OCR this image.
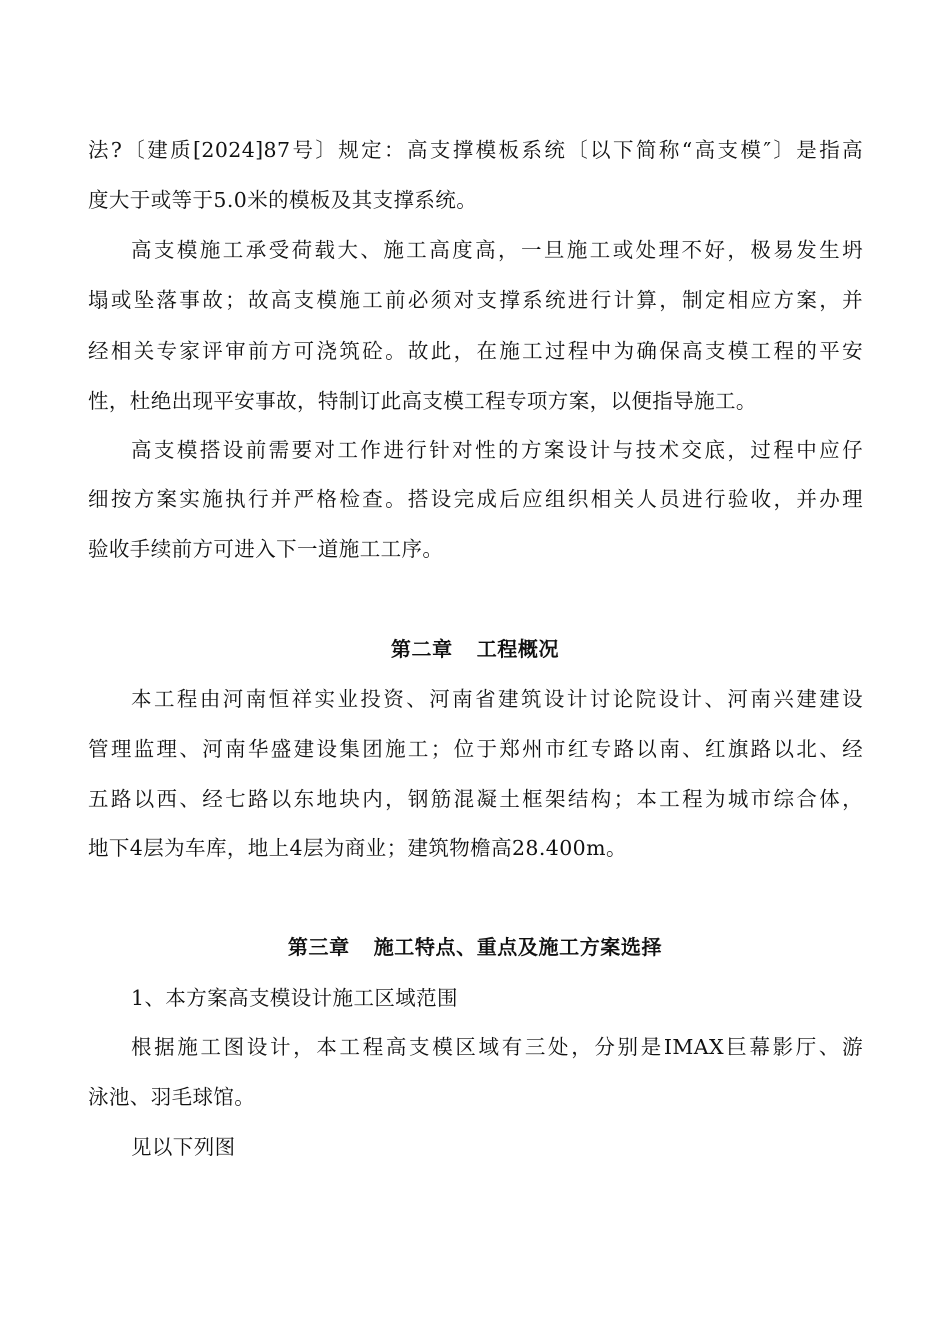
法?〔建质[2024]87号〕规定：高支撑模板系统〔以下简称“高支模″〕是指高
度大于或等于5.0米的模板及其支撑系统。
高支模施工承受荷载大、施工高度高，一旦施工或处理不好，极易发生坍
塌或坠落事故；故高支模施工前必须对支撑系统进行计算，制定相应方案，并
经相关专家评审前方可浇筑砼。故此，在施工过程中为确保高支模工程的平安
性，杜绝出现平安事故，特制订此高支模工程专项方案，以便指导施工。
高支模搭设前需要对工作进行针对性的方案设计与技术交底，过程中应仔
细按方案实施执行并严格检查。搭设完成后应组织相关人员进行验收，并办理
验收手续前方可进入下一道施工工序。
第二章 工程概况
本工程由河南恒祥实业投资、河南省建筑设计讨论院设计、河南兴建建设
管理监理、河南华盛建设集团施工；位于郑州市红专路以南、红旗路以北、经
五路以西、经七路以东地块内，钢筋混凝土框架结构；本工程为城市综合体，
地下4层为车库，地上4层为商业；建筑物檐高28.400m。
第三章 施工特点、重点及施工方案选择
1、本方案高支模设计施工区域范围
根据施工图设计，本工程高支模区域有三处，分别是IMAX巨幕影厅、游
泳池、羽毛球馆。
见以下列图
